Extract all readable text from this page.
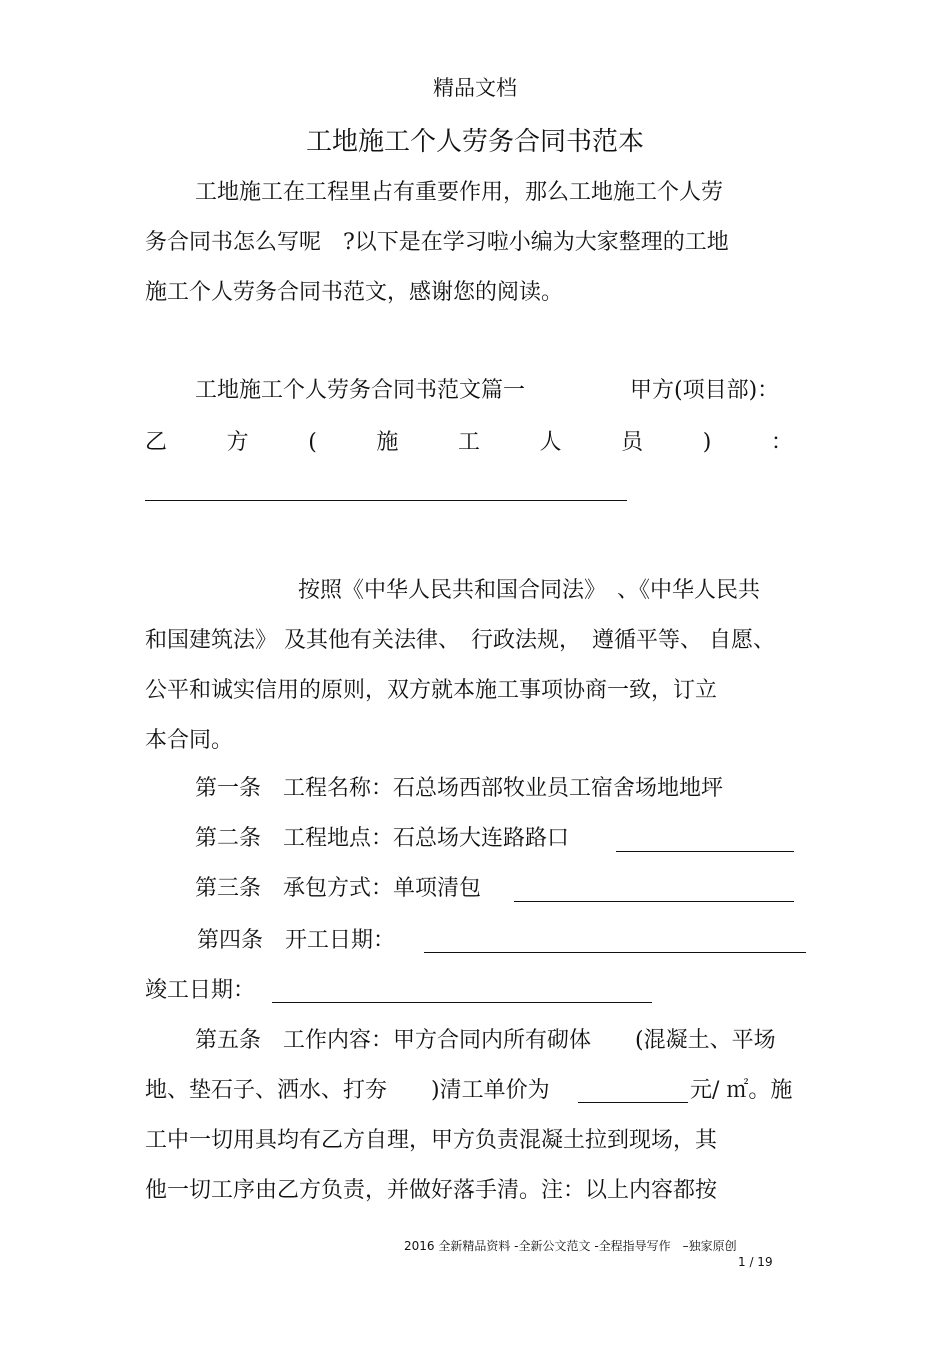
精品文档
工地施工个人劳务合同书范本
工地施工在工程里占有重要作用，那么工地施工个人劳
务合同书怎么写呢　?以下是在学习啦小编为大家整理的工地
施工个人劳务合同书范文，感谢您的阅读。
工地施工个人劳务合同书范文篇一	甲方(项目部)：
乙	方	(	施	工	人	员	)	：
按照《中华人民共和国合同法》　、《中华人民共
和国建筑法》 及其他有关法律、　行政法规，　遵循平等、 自愿、
公平和诚实信用的原则，双方就本施工事项协商一致，订立
本合同。
第一条　工程名称：石总场西部牧业员工宿舍场地地坪
第二条　工程地点：石总场大连路路口
第三条　承包方式：单项清包
第四条　开工日期：
竣工日期：
第五条　工作内容：甲方合同内所有砌体　　(混凝土、平场
地、垫石子、洒水、打夯　　)清工单价为	元/ ㎡。施
工中一切用具均有乙方自理，甲方负责混凝土拉到现场，其
他一切工序由乙方负责，并做好落手清。注：以上内容都按
2016 全新精品资料 -全新公文范文 -全程指导写作　–独家原创
1 / 19
